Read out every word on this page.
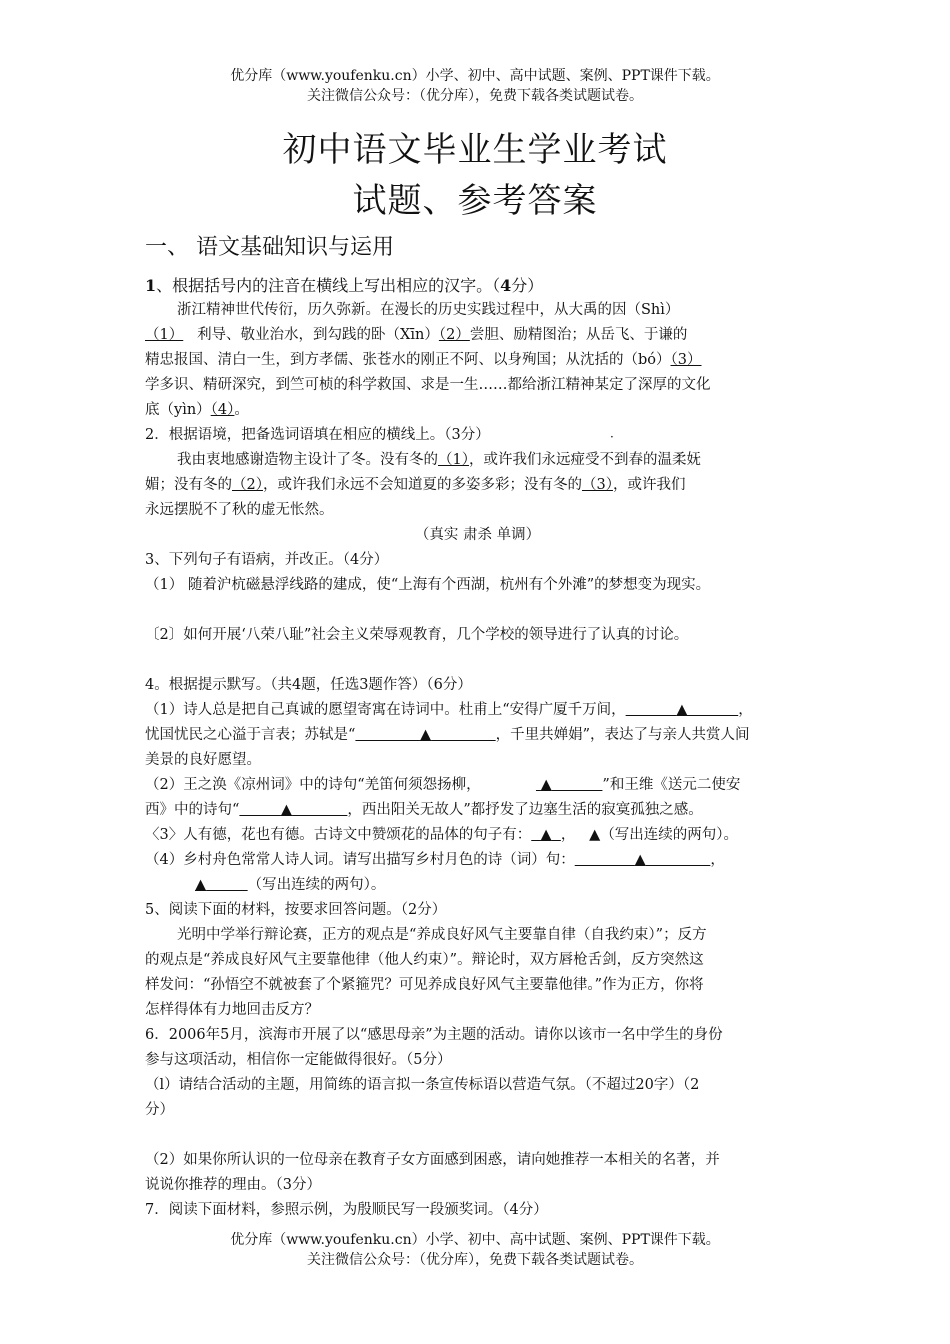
优分库（www.youfenku.cn）小学、初中、高中试题、案例、PPT课件下载。
关注微信公众号：（优分库），免费下载各类试题试卷。
初中语文毕业生学业考试
试题、参考答案
一、 语文基础知识与运用
1、根据括号内的注音在横线上写出相应的汉字。（4分）
浙江精神世代传衍，历久弥新。在漫长的历史实践过程中，从大禹的因（Shì）
（1） 利导、敬业治水，到勾践的卧（Xīn）（2）尝胆、励精图治；从岳飞、于谦的
精忠报国、清白一生，到方孝儒、张苍水的刚正不阿、以身殉国；从沈括的（bó）（3）
学多识、精研深究，到竺可桢的科学救国、求是一生……都给浙江精神某定了深厚的文化
底（yìn）（4）。
2．根据语境，把备选词语填在相应的横线上。（3分）	·
我由衷地感谢造物主设计了冬。没有冬的（1），或许我们永远痖受不到春的温柔妩
媚；没有冬的（2），或许我们永远不会知道夏的多姿多彩；没有冬的（3），或许我们
永远摆脱不了秋的虚无怅然。
（真实 肃杀 单调）
3、下列句子有语病，并改正。（4分）
（1） 随着沪杭磁悬浮线路的建成，使“上海有个西湖，杭州有个外滩”的梦想变为现实。
〔2〕如何开展‘八荣八耻”社会主义荣辱观教育，几个学校的领导进行了认真的讨论。
4。根据提示默写。（共4题，任选3题作答）（6分）
（1）诗人总是把自己真诚的愿望寄寓在诗词中。杜甫上“安得广厦千万间，	▲	，
忧国忧民之心溢于言表；苏轼是“	▲	，千里共婵娟”，表达了与亲人共赏人间
美景的良好愿望。
（2）王之涣《凉州词》中的诗句“羌笛何须怨扬柳，	▲	”和王维《送元二使安
西》中的诗句“	▲	，西出阳关无故人”都抒发了边塞生活的寂寞孤独之感。
〈3〉人有德，花也有德。古诗文中赞颂花的品体的句子有： ▲ ， ▲（写出连续的两句）。
（4）乡村舟色常常人诗人词。请写出描写乡村月色的诗（词）句：	▲	，
▲	（写出连续的两句）。
5、阅读下面的材料，按要求回答问题。（2分）
光明中学举行辩论赛，正方的观点是“养成良好风气主要靠自律（自我约束）”；反方
的观点是“养成良好风气主要靠他律（他人约束）”。辩论时，双方唇枪舌剑，反方突然这
样发问：“孙悟空不就被套了个紧箍咒？可见养成良好风气主要靠他律。”作为正方，你将
怎样得体有力地回击反方？
6．2006年5月，滨海市开展了以“感思母亲”为主题的活动。请你以该市一名中学生的身份
参与这项活动，相信你一定能做得很好。（5分）
（l）请结合活动的主题，用简练的语言拟一条宣传标语以营造气氛。（不超过20字）（2
分）
（2）如果你所认识的一位母亲在教育子女方面感到困惑，请向她推荐一本相关的名著，并
说说你推荐的理由。（3分）
7．阅读下面材料，参照示例，为殷顺民写一段颁奖词。（4分）
优分库（www.youfenku.cn）小学、初中、高中试题、案例、PPT课件下载。
关注微信公众号：（优分库），免费下载各类试题试卷。
